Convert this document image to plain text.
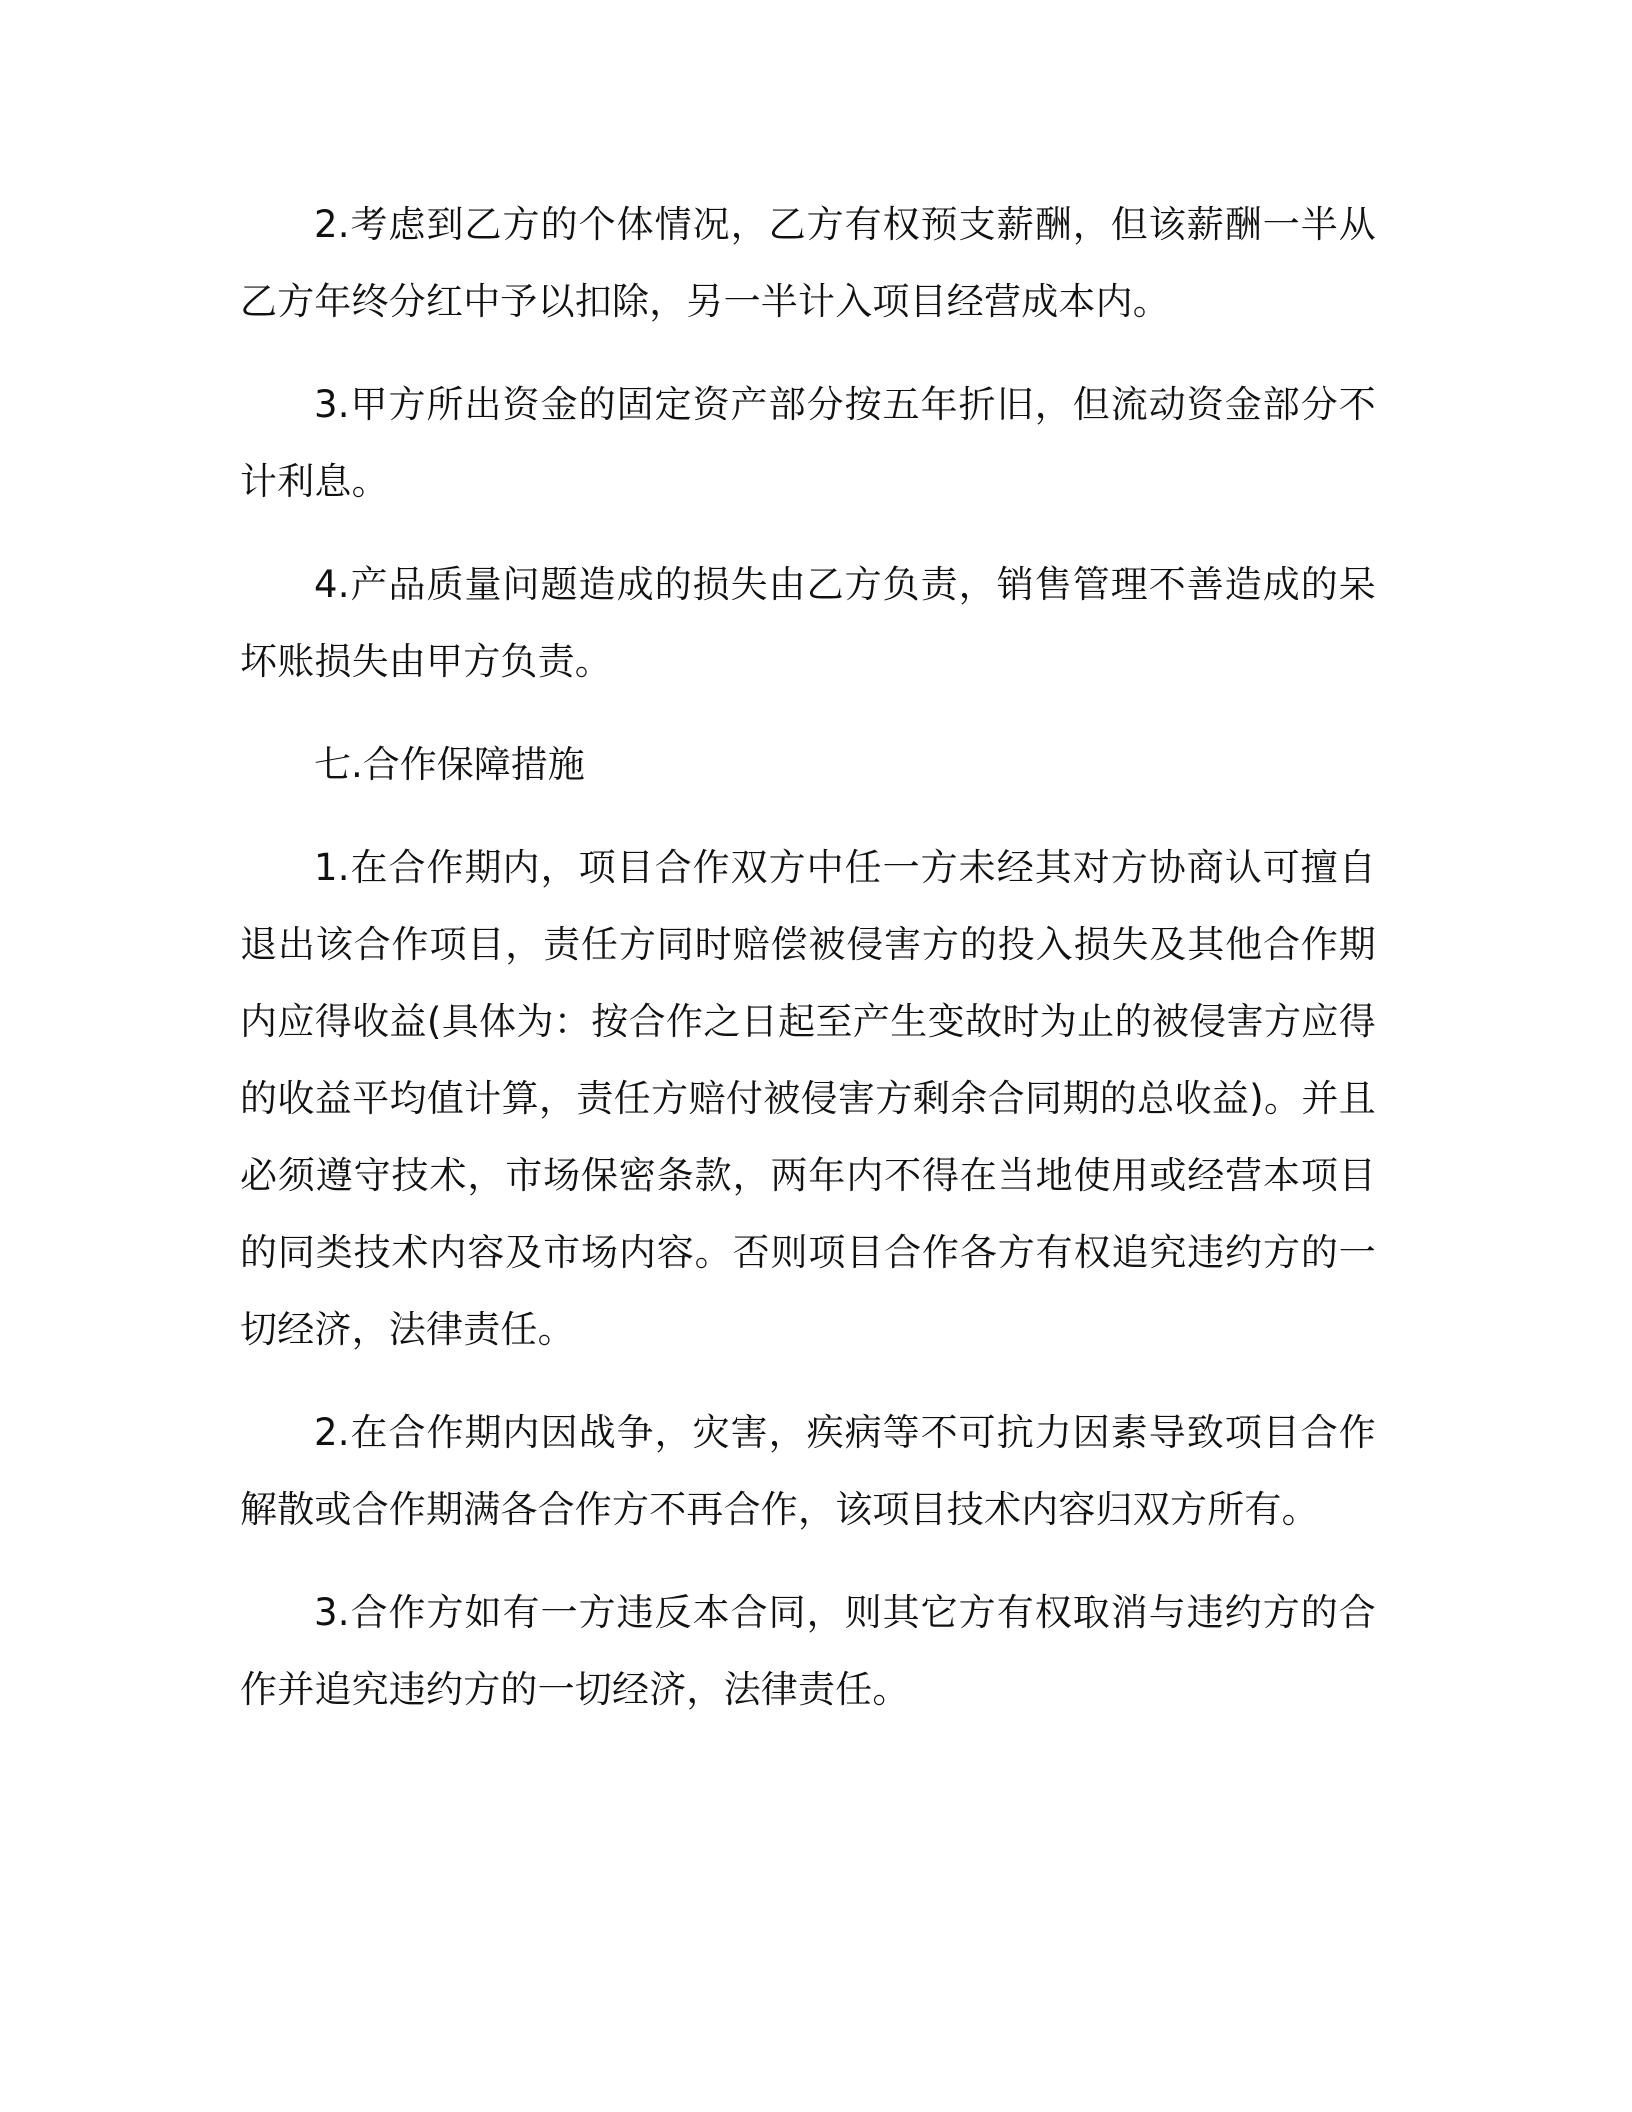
2.考虑到乙方的个体情况，乙方有权预支薪酬，但该薪酬一半从乙方年终分红中予以扣除，另一半计入项目经营成本内。

3.甲方所出资金的固定资产部分按五年折旧，但流动资金部分不计利息。

4.产品质量问题造成的损失由乙方负责，销售管理不善造成的呆坏账损失由甲方负责。

七.合作保障措施

1.在合作期内，项目合作双方中任一方未经其对方协商认可擅自退出该合作项目，责任方同时赔偿被侵害方的投入损失及其他合作期内应得收益(具体为：按合作之日起至产生变故时为止的被侵害方应得的收益平均值计算，责任方赔付被侵害方剩余合同期的总收益)。并且必须遵守技术，市场保密条款，两年内不得在当地使用或经营本项目的同类技术内容及市场内容。否则项目合作各方有权追究违约方的一切经济，法律责任。

2.在合作期内因战争，灾害，疾病等不可抗力因素导致项目合作解散或合作期满各合作方不再合作，该项目技术内容归双方所有。

3.合作方如有一方违反本合同，则其它方有权取消与违约方的合作并追究违约方的一切经济，法律责任。
